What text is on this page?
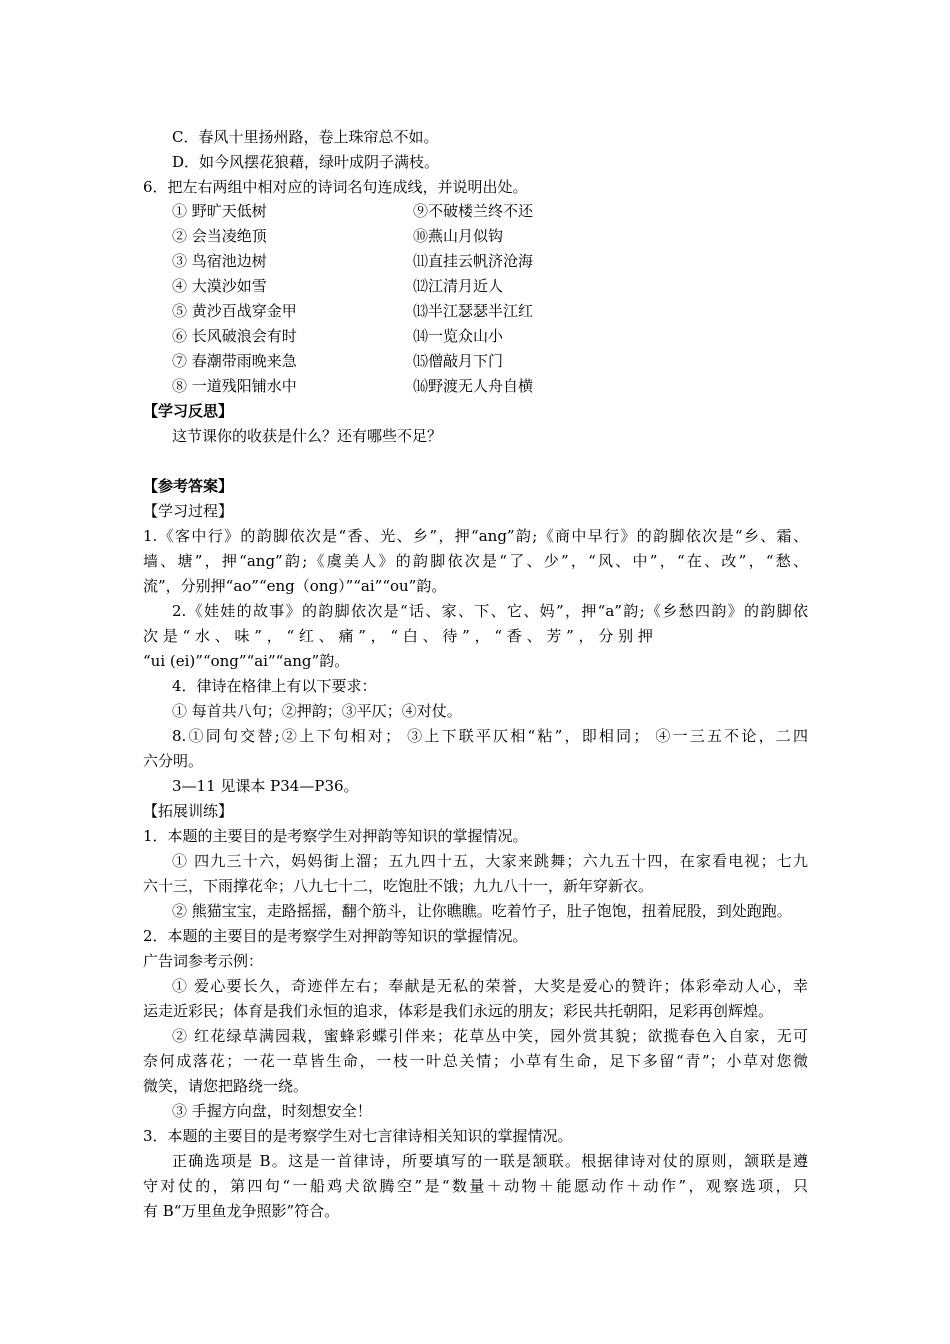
C．春风十里扬州路，卷上珠帘总不如。
D．如今风摆花狼藉，绿叶成阴子满枝。
6．把左右两组中相对应的诗词名句连成线，并说明出处。
① 野旷天低树
② 会当凌绝顶
③ 鸟宿池边树
④ 大漠沙如雪
⑤ 黄沙百战穿金甲
⑥ 长风破浪会有时
⑦ 春潮带雨晚来急
⑧ 一道残阳铺水中
⑨不破楼兰终不还
⑩燕山月似钩
⑾直挂云帆济沧海
⑿江清月近人
⒀半江瑟瑟半江红
⒁一览众山小
⒂僧敲月下门
⒃野渡无人舟自横
【学习反思】
这节课你的收获是什么？还有哪些不足？
【参考答案】
【学习过程】
1.《客中行》的韵脚依次是“香、光、乡”，押“ang”韵;《商中早行》的韵脚依次是“乡、霜、
墙、塘”，押“ang”韵;《虞美人》的韵脚依次是“了、少”，“风、中”，“在、改”，“愁、
流”，分别押“ao”“eng（ong）”“ai”“ou”韵。
2.《娃娃的故事》的韵脚依次是“话、家、下、它、妈”，押“a”韵;《乡愁四韵》的韵脚依
次 是 “ 水 、 味 ” ， “ 红 、 痛 ” ， “ 白 、 待 ” ， “ 香 、 芳 ” ， 分 别 押
“ui (ei)”“ong”“ai”“ang”韵。
4．律诗在格律上有以下要求：
① 每首共八句；②押韵；③平仄；④对仗。
8.①同句交替;②上下句相对； ③上下联平仄相“粘”，即相同； ④一三五不论，二四
六分明。
3—11 见课本 P34—P36。
【拓展训练】
1．本题的主要目的是考察学生对押韵等知识的掌握情况。
① 四九三十六，妈妈街上溜；五九四十五，大家来跳舞；六九五十四，在家看电视；七九
六十三，下雨撑花伞；八九七十二，吃饱肚不饿；九九八十一，新年穿新衣。
② 熊猫宝宝，走路摇摇，翻个筋斗，让你瞧瞧。吃着竹子，肚子饱饱，扭着屁股，到处跑跑。
2．本题的主要目的是考察学生对押韵等知识的掌握情况。
广告词参考示例：
① 爱心要长久，奇迹伴左右；奉献是无私的荣誉，大奖是爱心的赞许；体彩牵动人心，幸
运走近彩民；体育是我们永恒的追求，体彩是我们永远的朋友；彩民共托朝阳，足彩再创辉煌。
② 红花绿草满园栽，蜜蜂彩蝶引伴来；花草丛中笑，园外赏其貌；欲揽春色入自家，无可
奈何成落花；一花一草皆生命，一枝一叶总关情；小草有生命，足下多留“青”；小草对您微
微笑，请您把路绕一绕。
③ 手握方向盘，时刻想安全！
3．本题的主要目的是考察学生对七言律诗相关知识的掌握情况。
正确选项是 B。这是一首律诗，所要填写的一联是颔联。根据律诗对仗的原则，颔联是遵
守对仗的，第四句“一船鸡犬欲腾空”是“数量＋动物＋能愿动作＋动作”，观察选项，只
有 B“万里鱼龙争照影”符合。
